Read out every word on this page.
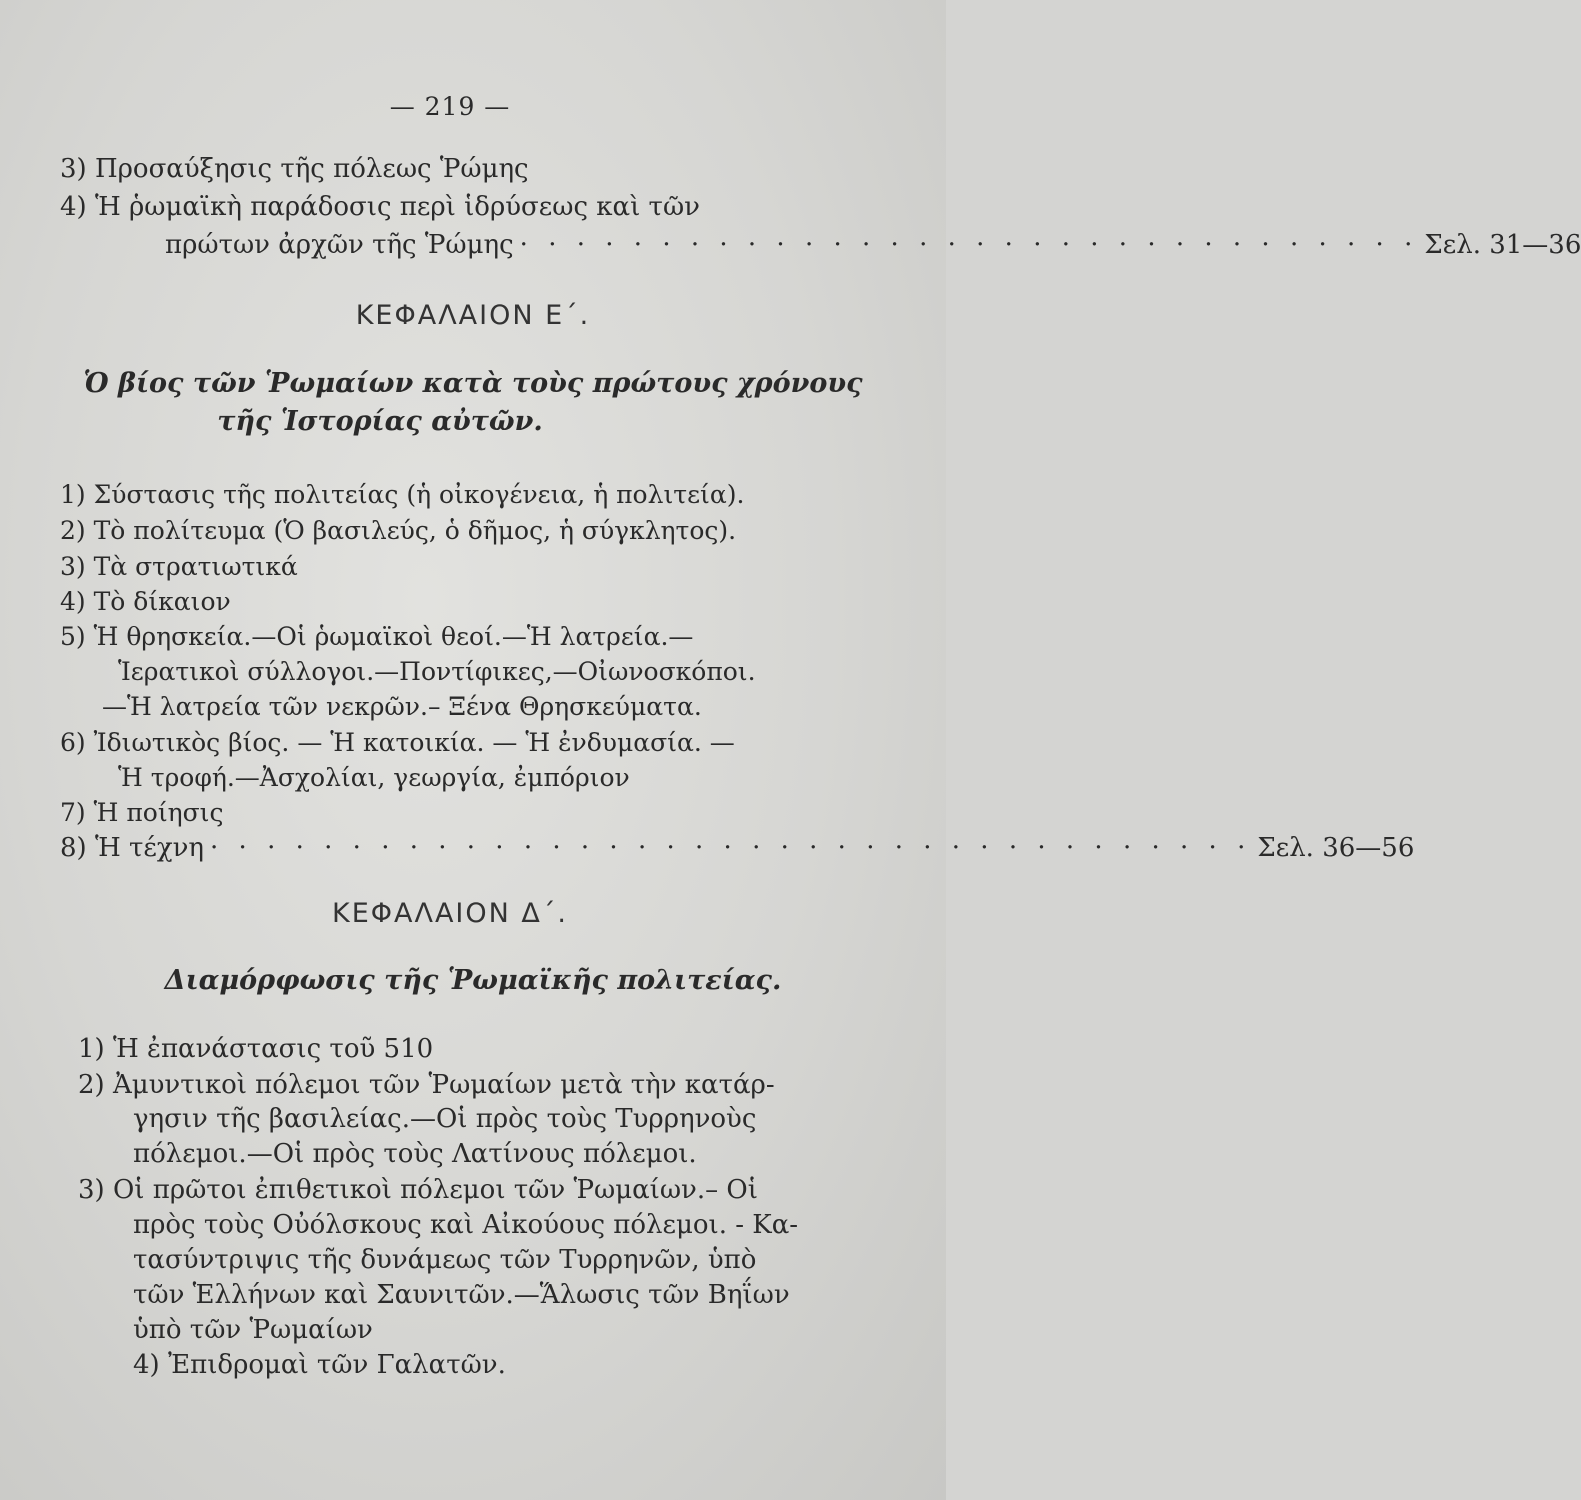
— 219 —
3) Προσαύξησις τῆς πόλεως Ῥώμης
4) Ἡ ῥωμαϊκὴ παράδοσις περὶ ἱδρύσεως καὶ τῶν
πρώτων ἀρχῶν τῆς Ῥώμης · · · · · · · · · · · · · · · · · · · · · · · · · · · · · · · · Σελ. 31—36
ΚΕΦΑΛΑΙΟΝ Ε΄.
Ὁ βίος τῶν Ῥωμαίων κατὰ τοὺς πρώτους χρόνους
τῆς Ἱστορίας αὐτῶν.
1) Σύστασις τῆς πολιτείας (ἡ οἰκογένεια, ἡ πολιτεία).
2) Τὸ πολίτευμα (Ὁ βασιλεύς, ὁ δῆμος, ἡ σύγκλητος).
3) Τὰ στρατιωτικά
4) Τὸ δίκαιον
5) Ἡ θρησκεία.—Οἱ ῥωμαϊκοὶ θεοί.—Ἡ λατρεία.—
Ἱερατικοὶ σύλλογοι.—Ποντίφικες,—Οἰωνοσκόποι.
—Ἡ λατρεία τῶν νεκρῶν.– Ξένα Θρησκεύματα.
6) Ἰδιωτικὸς βίος. — Ἡ κατοικία. — Ἡ ἐνδυμασία. —
Ἡ τροφή.—Ἀσχολίαι, γεωργία, ἐμπόριον
7) Ἡ ποίησις
8) Ἡ τέχνη · · · · · · · · · · · · · · · · · · · · · · · · · · · · · · · · · · · · · Σελ. 36—56
ΚΕΦΑΛΑΙΟΝ Δ΄.
Διαμόρφωσις τῆς Ῥωμαϊκῆς πολιτείας.
1) Ἡ ἐπανάστασις τοῦ 510
2) Ἀμυντικοὶ πόλεμοι τῶν Ῥωμαίων μετὰ τὴν κατάρ-
γησιν τῆς βασιλείας.—Οἱ πρὸς τοὺς Τυρρηνοὺς
πόλεμοι.—Οἱ πρὸς τοὺς Λατίνους πόλεμοι.
3) Οἱ πρῶτοι ἐπιθετικοὶ πόλεμοι τῶν Ῥωμαίων.– Οἱ
πρὸς τοὺς Οὐόλσκους καὶ Αἰκούους πόλεμοι. - Κα-
τασύντριψις τῆς δυνάμεως τῶν Τυρρηνῶν, ὑπὸ
τῶν Ἑλλήνων καὶ Σαυνιτῶν.—Ἅλωσις τῶν Βηΐων
ὑπὸ τῶν Ῥωμαίων
4) Ἐπιδρομαὶ τῶν Γαλατῶν.
